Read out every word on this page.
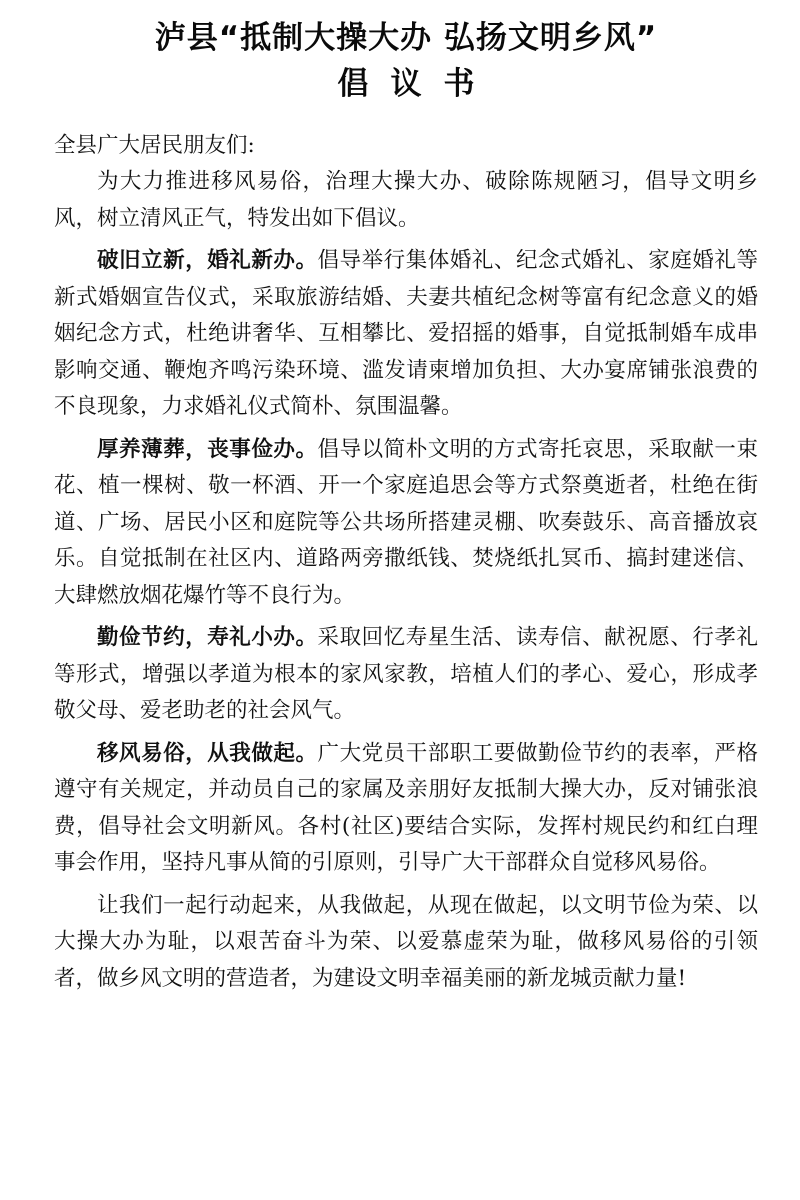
泸县“抵制大操大办 弘扬文明乡风”
倡议书

全县广大居民朋友们:

为大力推进移风易俗，治理大操大办、破除陈规陋习，倡导文明乡风，树立清风正气，特发出如下倡议。

破旧立新，婚礼新办。倡导举行集体婚礼、纪念式婚礼、家庭婚礼等新式婚姻宣告仪式，采取旅游结婚、夫妻共植纪念树等富有纪念意义的婚姻纪念方式，杜绝讲奢华、互相攀比、爱招摇的婚事，自觉抵制婚车成串影响交通、鞭炮齐鸣污染环境、滥发请柬增加负担、大办宴席铺张浪费的不良现象，力求婚礼仪式简朴、氛围温馨。

厚养薄葬，丧事俭办。倡导以简朴文明的方式寄托哀思，采取献一束花、植一棵树、敬一杯酒、开一个家庭追思会等方式祭奠逝者，杜绝在街道、广场、居民小区和庭院等公共场所搭建灵棚、吹奏鼓乐、高音播放哀乐。自觉抵制在社区内、道路两旁撒纸钱、焚烧纸扎冥币、搞封建迷信、大肆燃放烟花爆竹等不良行为。

勤俭节约，寿礼小办。采取回忆寿星生活、读寿信、献祝愿、行孝礼等形式，增强以孝道为根本的家风家教，培植人们的孝心、爱心，形成孝敬父母、爱老助老的社会风气。

移风易俗，从我做起。广大党员干部职工要做勤俭节约的表率，严格遵守有关规定，并动员自己的家属及亲朋好友抵制大操大办，反对铺张浪费，倡导社会文明新风。各村(社区)要结合实际，发挥村规民约和红白理事会作用，坚持凡事从简的引原则，引导广大干部群众自觉移风易俗。

让我们一起行动起来，从我做起，从现在做起，以文明节俭为荣、以大操大办为耻，以艰苦奋斗为荣、以爱慕虚荣为耻，做移风易俗的引领者，做乡风文明的营造者，为建设文明幸福美丽的新龙城贡献力量!
